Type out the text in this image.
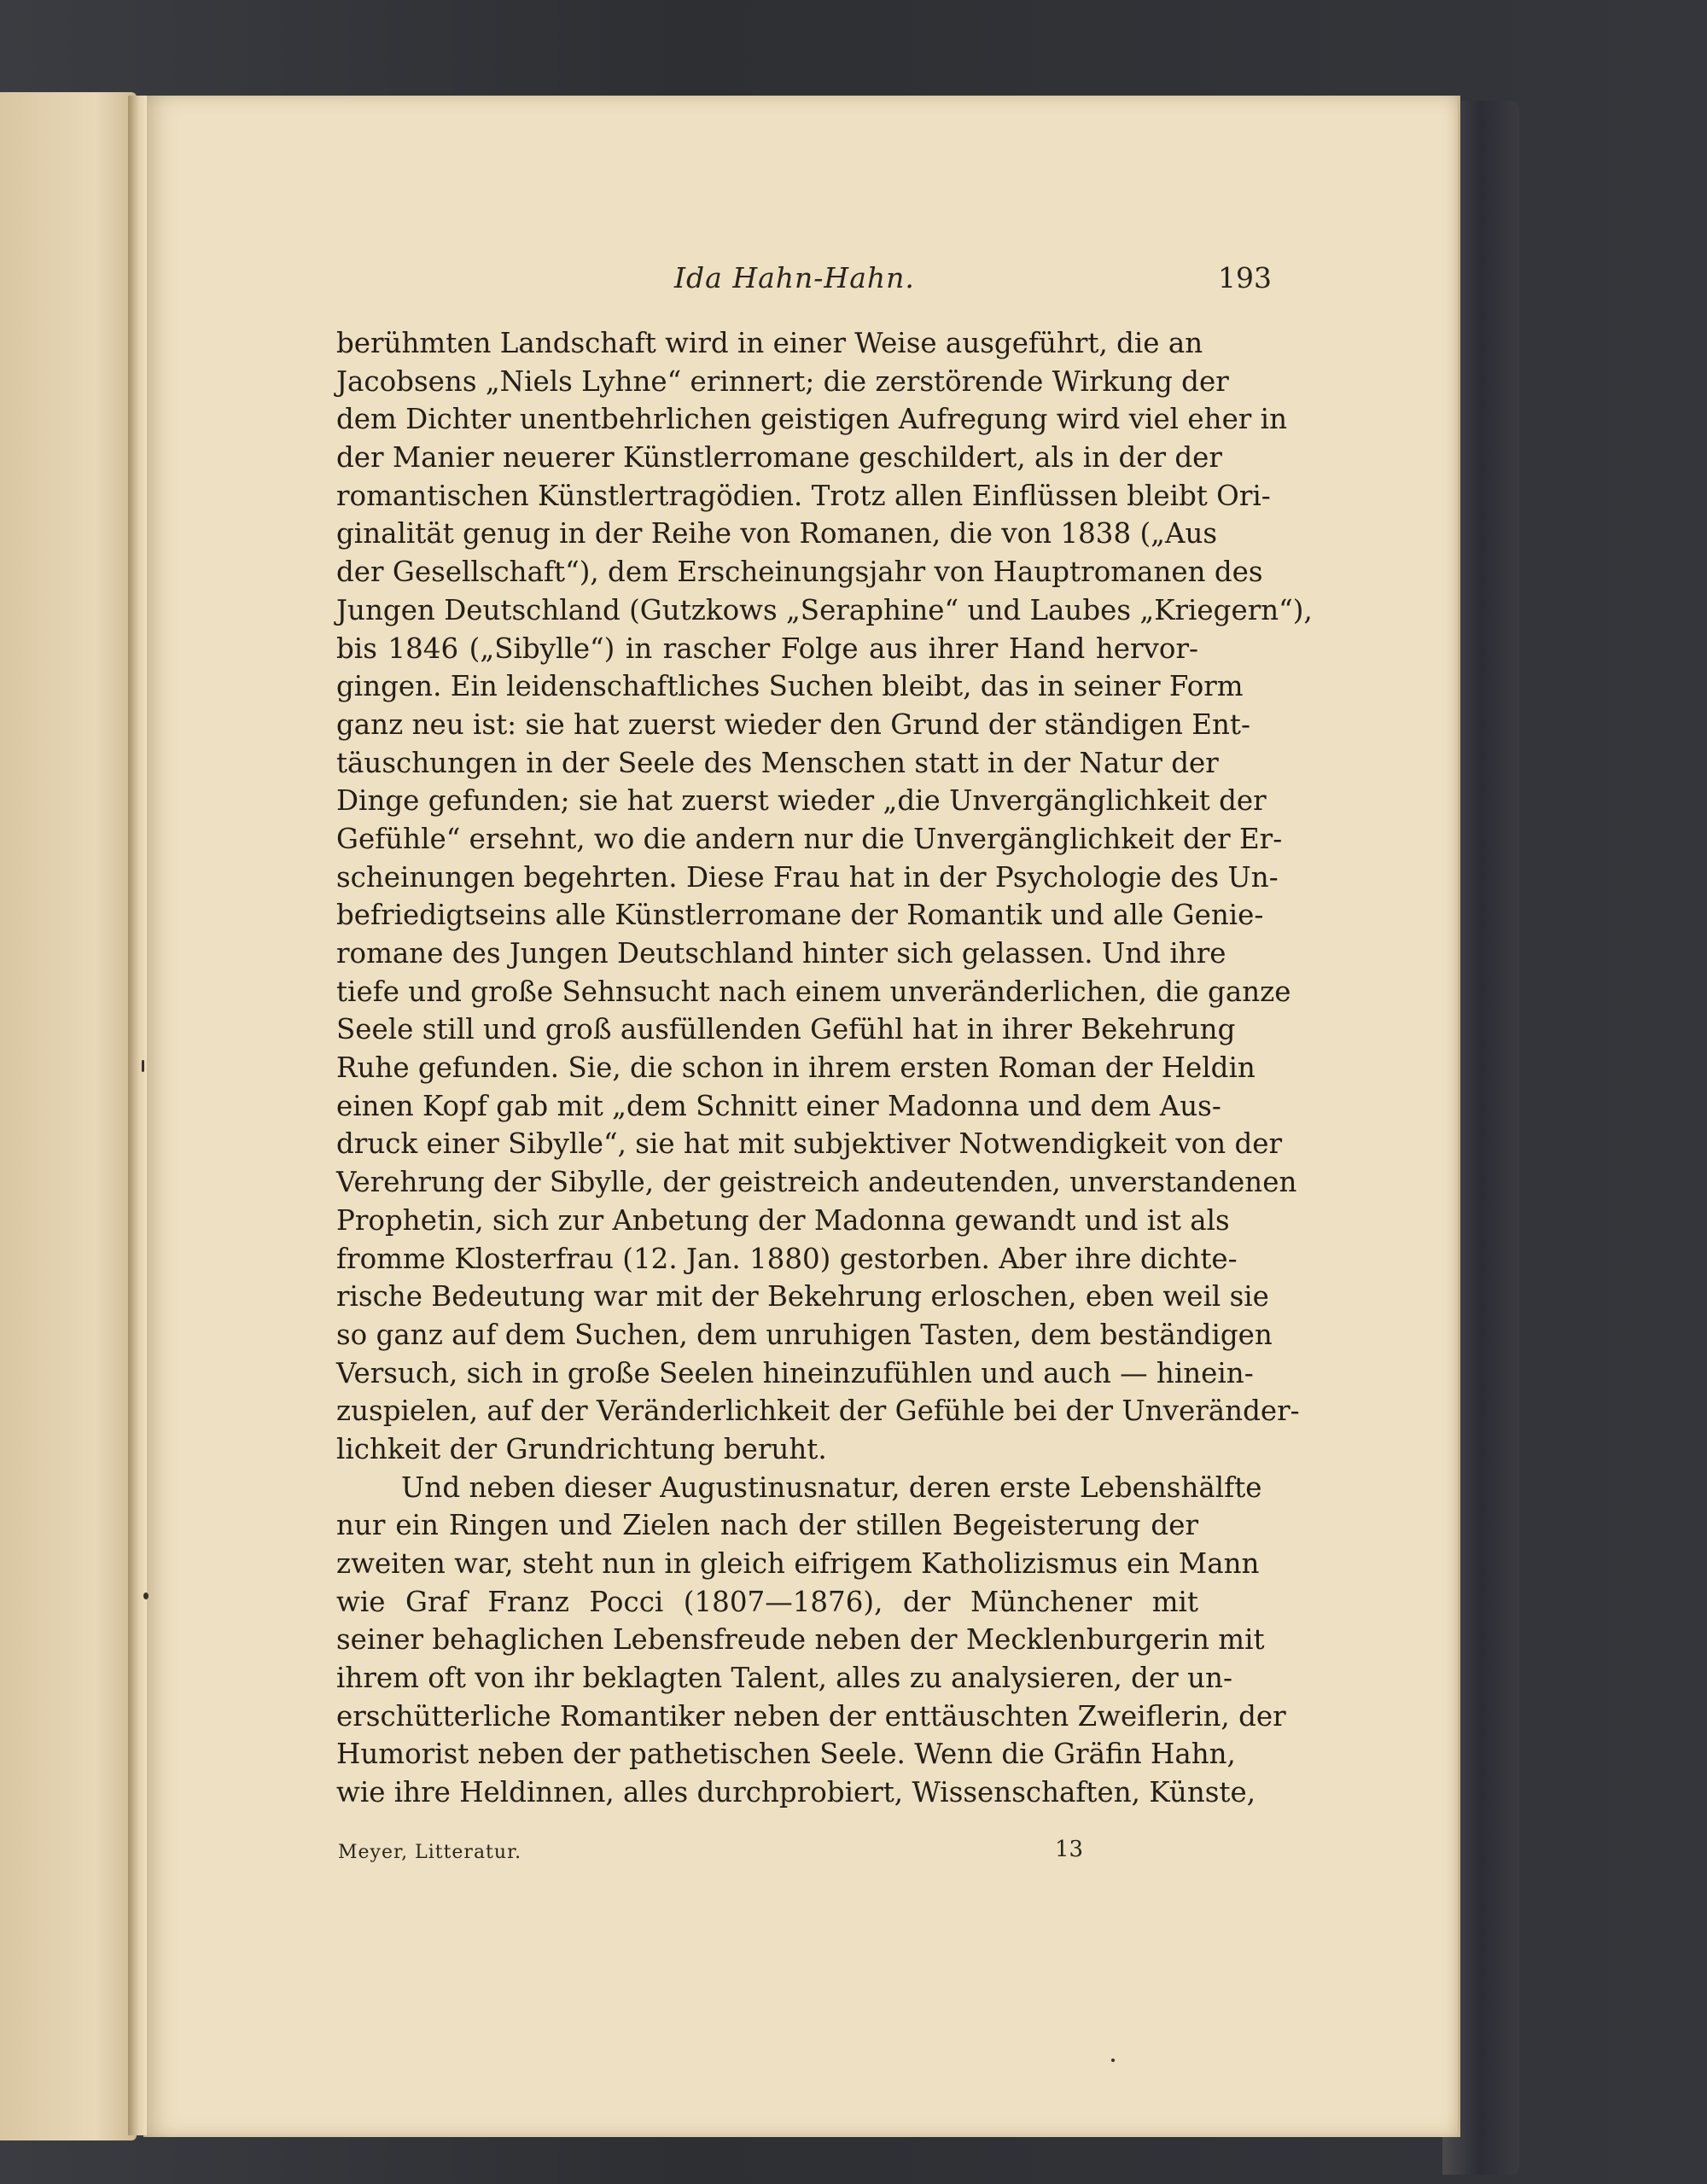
Ida Hahn-Hahn.	193
berühmten Landschaft wird in einer Weise ausgeführt, die an
Jacobsens „Niels Lyhne“ erinnert; die zerstörende Wirkung der
dem Dichter unentbehrlichen geistigen Aufregung wird viel eher in
der Manier neuerer Künstlerromane geschildert, als in der der
romantischen Künstlertragödien. Trotz allen Einflüssen bleibt Ori-
ginalität genug in der Reihe von Romanen, die von 1838 („Aus
der Gesellschaft“), dem Erscheinungsjahr von Hauptromanen des
Jungen Deutschland (Gutzkows „Seraphine“ und Laubes „Kriegern“),
bis 1846 („Sibylle“) in rascher Folge aus ihrer Hand hervor-
gingen. Ein leidenschaftliches Suchen bleibt, das in seiner Form
ganz neu ist: sie hat zuerst wieder den Grund der ständigen Ent-
täuschungen in der Seele des Menschen statt in der Natur der
Dinge gefunden; sie hat zuerst wieder „die Unvergänglichkeit der
Gefühle“ ersehnt, wo die andern nur die Unvergänglichkeit der Er-
scheinungen begehrten. Diese Frau hat in der Psychologie des Un-
befriedigtseins alle Künstlerromane der Romantik und alle Genie-
romane des Jungen Deutschland hinter sich gelassen. Und ihre
tiefe und große Sehnsucht nach einem unveränderlichen, die ganze
Seele still und groß ausfüllenden Gefühl hat in ihrer Bekehrung
Ruhe gefunden. Sie, die schon in ihrem ersten Roman der Heldin
einen Kopf gab mit „dem Schnitt einer Madonna und dem Aus-
druck einer Sibylle“, sie hat mit subjektiver Notwendigkeit von der
Verehrung der Sibylle, der geistreich andeutenden, unverstandenen
Prophetin, sich zur Anbetung der Madonna gewandt und ist als
fromme Klosterfrau (12. Jan. 1880) gestorben. Aber ihre dichte-
rische Bedeutung war mit der Bekehrung erloschen, eben weil sie
so ganz auf dem Suchen, dem unruhigen Tasten, dem beständigen
Versuch, sich in große Seelen hineinzufühlen und auch — hinein-
zuspielen, auf der Veränderlichkeit der Gefühle bei der Unveränder-
lichkeit der Grundrichtung beruht.
Und neben dieser Augustinusnatur, deren erste Lebenshälfte
nur ein Ringen und Zielen nach der stillen Begeisterung der
zweiten war, steht nun in gleich eifrigem Katholizismus ein Mann
wie Graf Franz Pocci (1807—1876), der Münchener mit
seiner behaglichen Lebensfreude neben der Mecklenburgerin mit
ihrem oft von ihr beklagten Talent, alles zu analysieren, der un-
erschütterliche Romantiker neben der enttäuschten Zweiflerin, der
Humorist neben der pathetischen Seele. Wenn die Gräfin Hahn,
wie ihre Heldinnen, alles durchprobiert, Wissenschaften, Künste,
Meyer, Litteratur.	13
